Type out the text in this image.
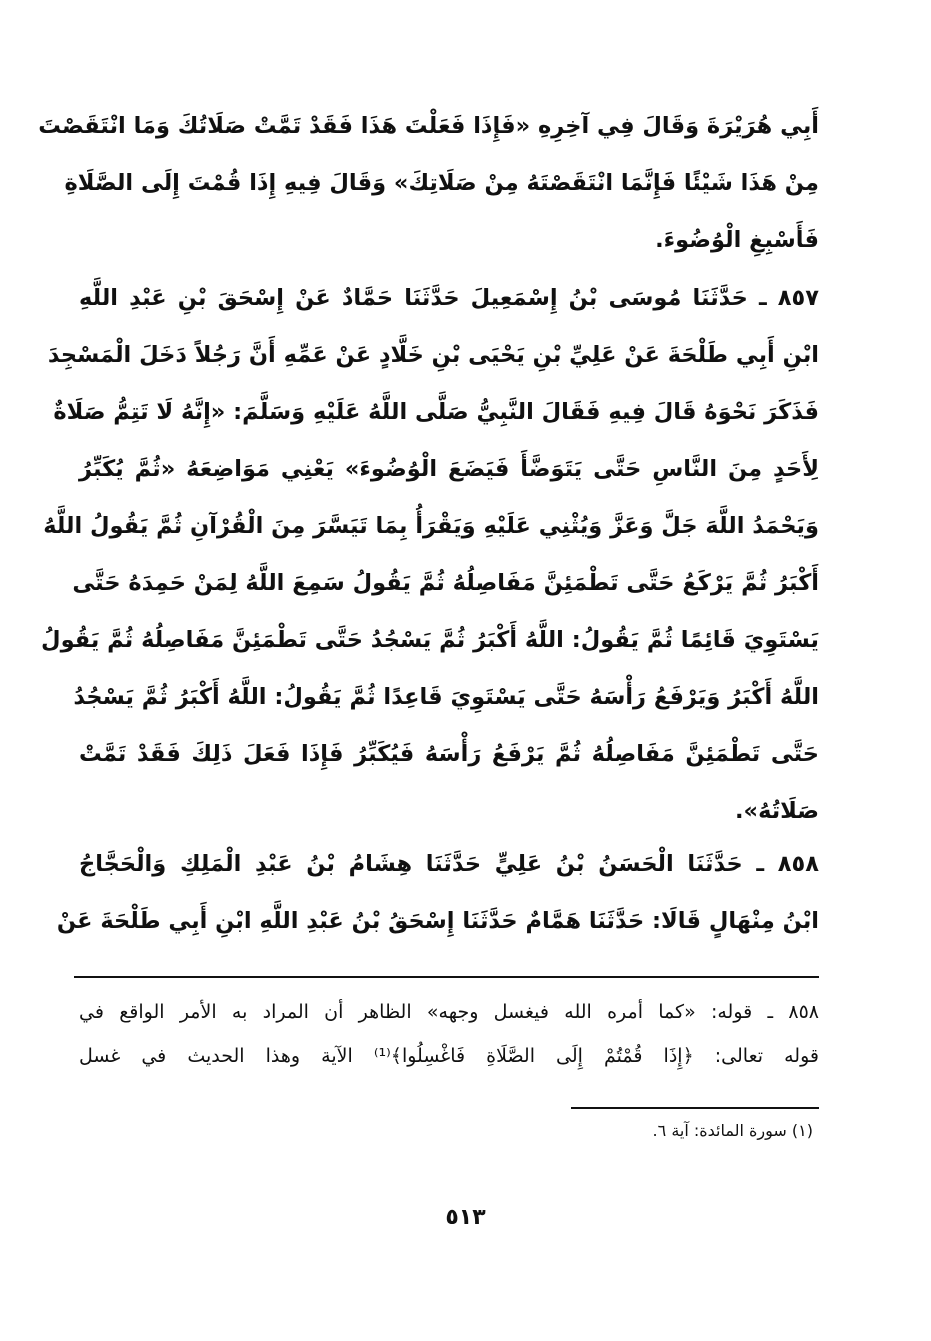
أَبِي هُرَيْرَةَ وَقَالَ فِي آخِرِهِ «فَإِذَا فَعَلْتَ هَذَا فَقَدْ تَمَّتْ صَلَاتُكَ وَمَا انْتَقَصْتَ
مِنْ هَذَا شَيْئًا فَإِنَّمَا انْتَقَصْتَهُ مِنْ صَلَاتِكَ» وَقَالَ فِيهِ إِذَا قُمْتَ إِلَى الصَّلَاةِ
فَأَسْبِغِ الْوُضُوءَ.
٨٥٧ ـ حَدَّثَنَا مُوسَى بْنُ إِسْمَعِيلَ حَدَّثَنَا حَمَّادٌ عَنْ إِسْحَقَ بْنِ عَبْدِ اللَّهِ
ابْنِ أَبِي طَلْحَةَ عَنْ عَلِيِّ بْنِ يَحْيَى بْنِ خَلَّادٍ عَنْ عَمِّهِ أَنَّ رَجُلاً دَخَلَ الْمَسْجِدَ
فَذَكَرَ نَحْوَهُ قَالَ فِيهِ فَقَالَ النَّبِيُّ صَلَّى اللَّهُ عَلَيْهِ وَسَلَّمَ: «إِنَّهُ لَا تَتِمُّ صَلَاةٌ
لِأَحَدٍ مِنَ النَّاسِ حَتَّى يَتَوَضَّأَ فَيَضَعَ الْوُضُوءَ» يَعْنِي مَوَاضِعَهُ «ثُمَّ يُكَبِّرُ
وَيَحْمَدُ اللَّهَ جَلَّ وَعَزَّ وَيُثْنِي عَلَيْهِ وَيَقْرَأُ بِمَا تَيَسَّرَ مِنَ الْقُرْآنِ ثُمَّ يَقُولُ اللَّهُ
أَكْبَرُ ثُمَّ يَرْكَعُ حَتَّى تَطْمَئِنَّ مَفَاصِلُهُ ثُمَّ يَقُولُ سَمِعَ اللَّهُ لِمَنْ حَمِدَهُ حَتَّى
يَسْتَوِيَ قَائِمًا ثُمَّ يَقُولُ: اللَّهُ أَكْبَرُ ثُمَّ يَسْجُدُ حَتَّى تَطْمَئِنَّ مَفَاصِلُهُ ثُمَّ يَقُولُ
اللَّهُ أَكْبَرُ وَيَرْفَعُ رَأْسَهُ حَتَّى يَسْتَوِيَ قَاعِدًا ثُمَّ يَقُولُ: اللَّهُ أَكْبَرُ ثُمَّ يَسْجُدُ
حَتَّى تَطْمَئِنَّ مَفَاصِلُهُ ثُمَّ يَرْفَعُ رَأْسَهُ فَيُكَبِّرُ فَإِذَا فَعَلَ ذَلِكَ فَقَدْ تَمَّتْ
صَلَاتُهُ».
٨٥٨ ـ حَدَّثَنَا الْحَسَنُ بْنُ عَلِيٍّ حَدَّثَنَا هِشَامُ بْنُ عَبْدِ الْمَلِكِ وَالْحَجَّاجُ
ابْنُ مِنْهَالٍ قَالَا: حَدَّثَنَا هَمَّامٌ حَدَّثَنَا إِسْحَقُ بْنُ عَبْدِ اللَّهِ ابْنِ أَبِي طَلْحَةَ عَنْ
٨٥٨ ـ قوله: «كما أمره الله فيغسل وجهه» الظاهر أن المراد به الأمر الواقع في
قوله تعالى: ﴿إِذَا قُمْتُمْ إِلَى الصَّلَاةِ فَاغْسِلُوا﴾⁽¹⁾ الآية وهذا الحديث في غسل
(١) سورة المائدة: آية ٦.
٥١٣
